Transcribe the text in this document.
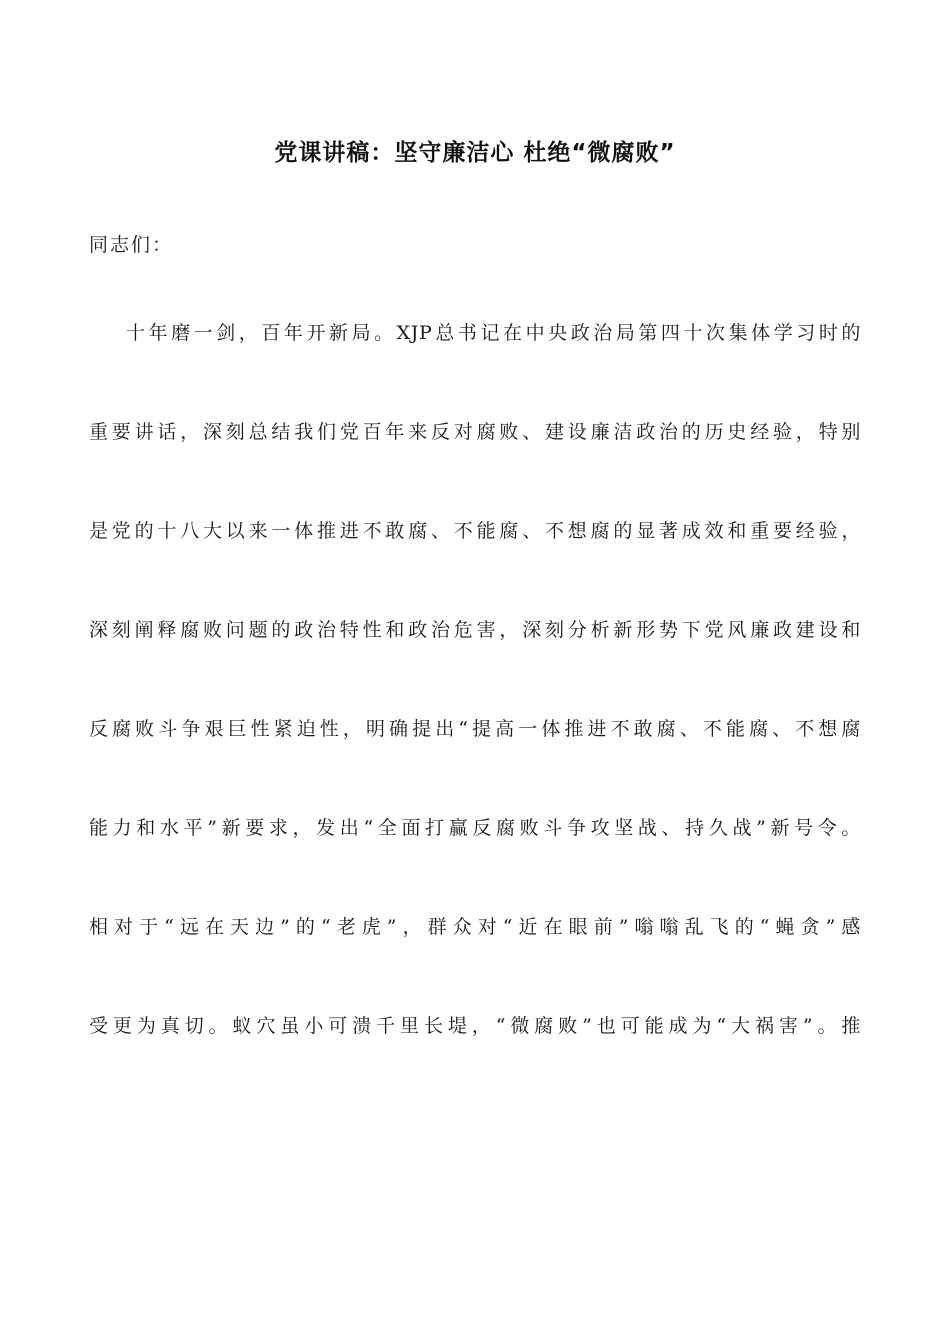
党课讲稿：坚守廉洁心 杜绝“微腐败”
同志们：
十年磨一剑，百年开新局。XJP总书记在中央政治局第四十次集体学习时的
重要讲话，深刻总结我们党百年来反对腐败、建设廉洁政治的历史经验，特别
是党的十八大以来一体推进不敢腐、不能腐、不想腐的显著成效和重要经验，
深刻阐释腐败问题的政治特性和政治危害，深刻分析新形势下党风廉政建设和
反腐败斗争艰巨性紧迫性，明确提出“提高一体推进不敢腐、不能腐、不想腐
能力和水平”新要求，发出“全面打赢反腐败斗争攻坚战、持久战”新号令。
相对于“远在天边”的“老虎”，群众对“近在眼前”嗡嗡乱飞的“蝇贪”感
受更为真切。蚁穴虽小可溃千里长堤，“微腐败”也可能成为“大祸害”。推
